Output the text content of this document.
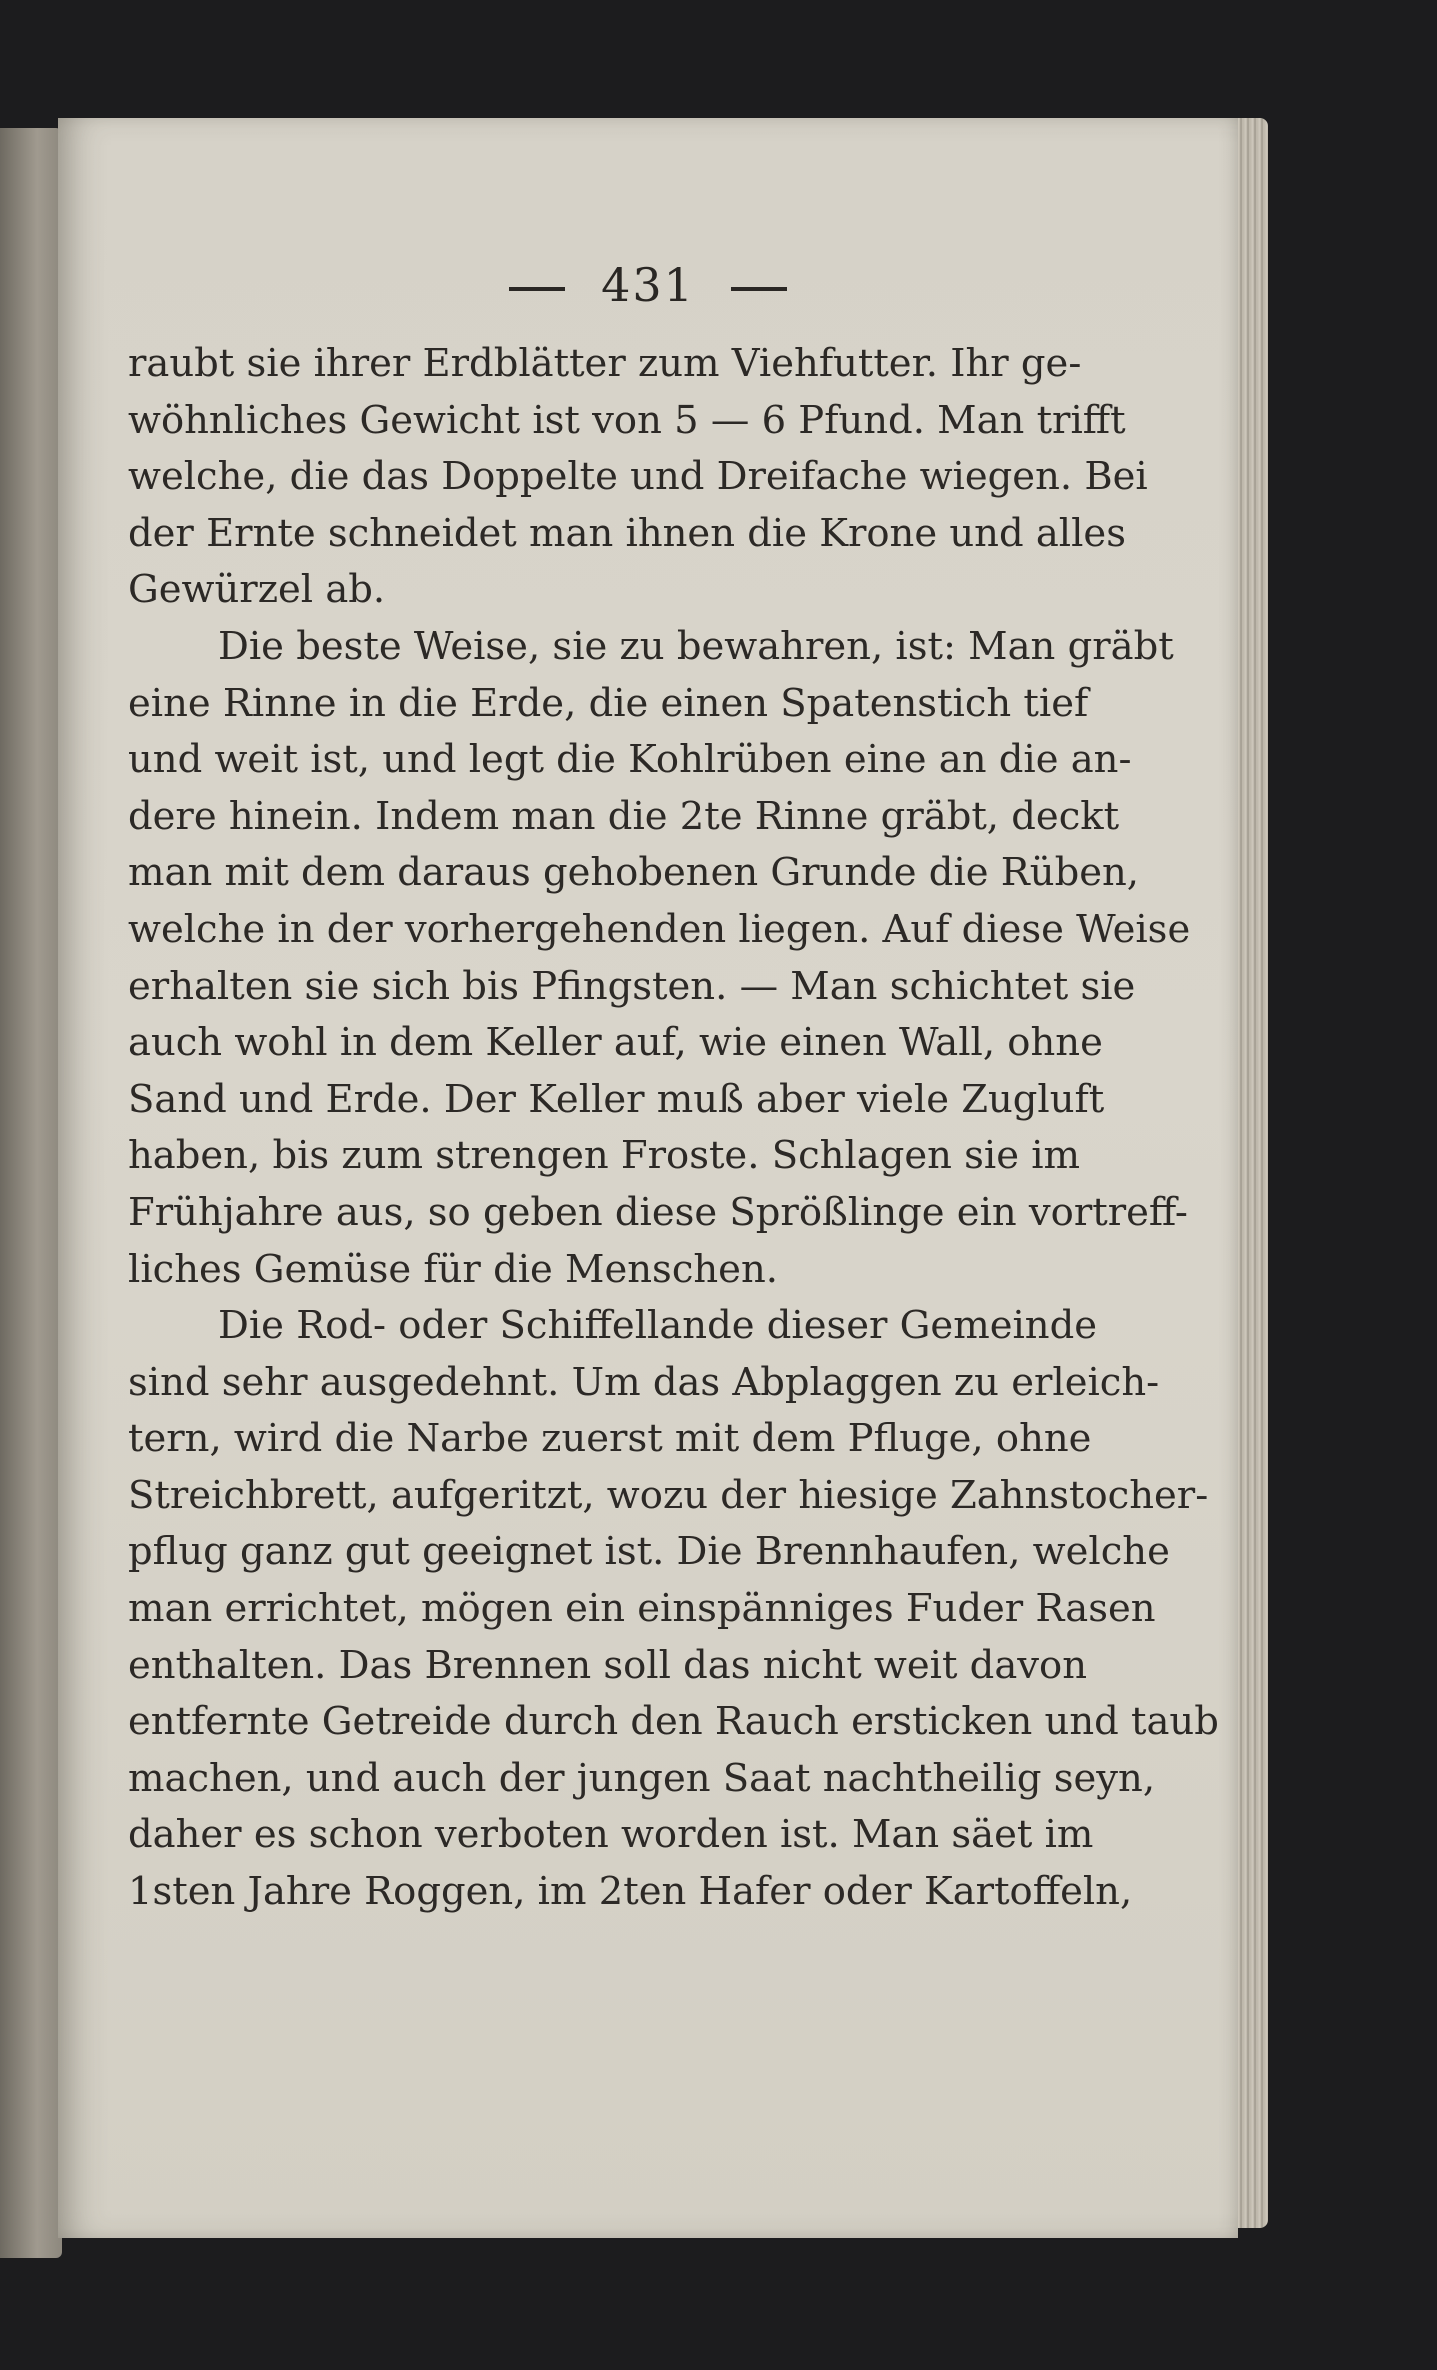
431
raubt sie ihrer Erdblätter zum Viehfutter. Ihr ge-
wöhnliches Gewicht ist von 5 — 6 Pfund. Man trifft
welche, die das Doppelte und Dreifache wiegen. Bei
der Ernte schneidet man ihnen die Krone und alles
Gewürzel ab.
Die beste Weise, sie zu bewahren, ist: Man gräbt
eine Rinne in die Erde, die einen Spatenstich tief
und weit ist, und legt die Kohlrüben eine an die an-
dere hinein. Indem man die 2te Rinne gräbt, deckt
man mit dem daraus gehobenen Grunde die Rüben,
welche in der vorhergehenden liegen. Auf diese Weise
erhalten sie sich bis Pfingsten. — Man schichtet sie
auch wohl in dem Keller auf, wie einen Wall, ohne
Sand und Erde. Der Keller muß aber viele Zugluft
haben, bis zum strengen Froste. Schlagen sie im
Frühjahre aus, so geben diese Sprößlinge ein vortreff-
liches Gemüse für die Menschen.
Die Rod- oder Schiffellande dieser Gemeinde
sind sehr ausgedehnt. Um das Abplaggen zu erleich-
tern, wird die Narbe zuerst mit dem Pfluge, ohne
Streichbrett, aufgeritzt, wozu der hiesige Zahnstocher-
pflug ganz gut geeignet ist. Die Brennhaufen, welche
man errichtet, mögen ein einspänniges Fuder Rasen
enthalten. Das Brennen soll das nicht weit davon
entfernte Getreide durch den Rauch ersticken und taub
machen, und auch der jungen Saat nachtheilig seyn,
daher es schon verboten worden ist. Man säet im
1sten Jahre Roggen, im 2ten Hafer oder Kartoffeln,
